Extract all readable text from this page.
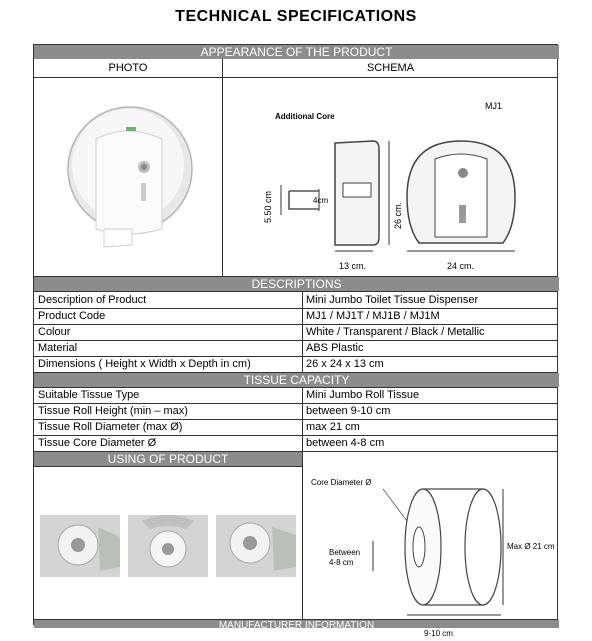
TECHNICAL SPECIFICATIONS
APPEARANCE OF THE PRODUCT
PHOTO	SCHEMA
MJ1
Additional Core
5.50 cm	4cm
13 cm.
26 cm.
24 cm.
DESCRIPTIONS
Description of Product	Mini Jumbo Toilet Tissue Dispenser
Product Code	MJ1 / MJ1T / MJ1B / MJ1M
Colour	White / Transparent / Black / Metallic
Material	ABS Plastic
Dimensions ( Height x Width x Depth in cm)	26 x 24 x 13 cm
TISSUE CAPACITY
Suitable Tissue Type	Mini Jumbo Roll Tissue
Tissue Roll Height (min – max)	between 9-10 cm
Tissue Roll Diameter (max Ø)	max 21 cm
Tissue Core Diameter Ø	between 4-8 cm
USING OF PRODUCT
Core Diameter Ø
Between
4-8 cm
Max Ø 21 cm
9-10 cm
MANUFACTURER INFORMATION
